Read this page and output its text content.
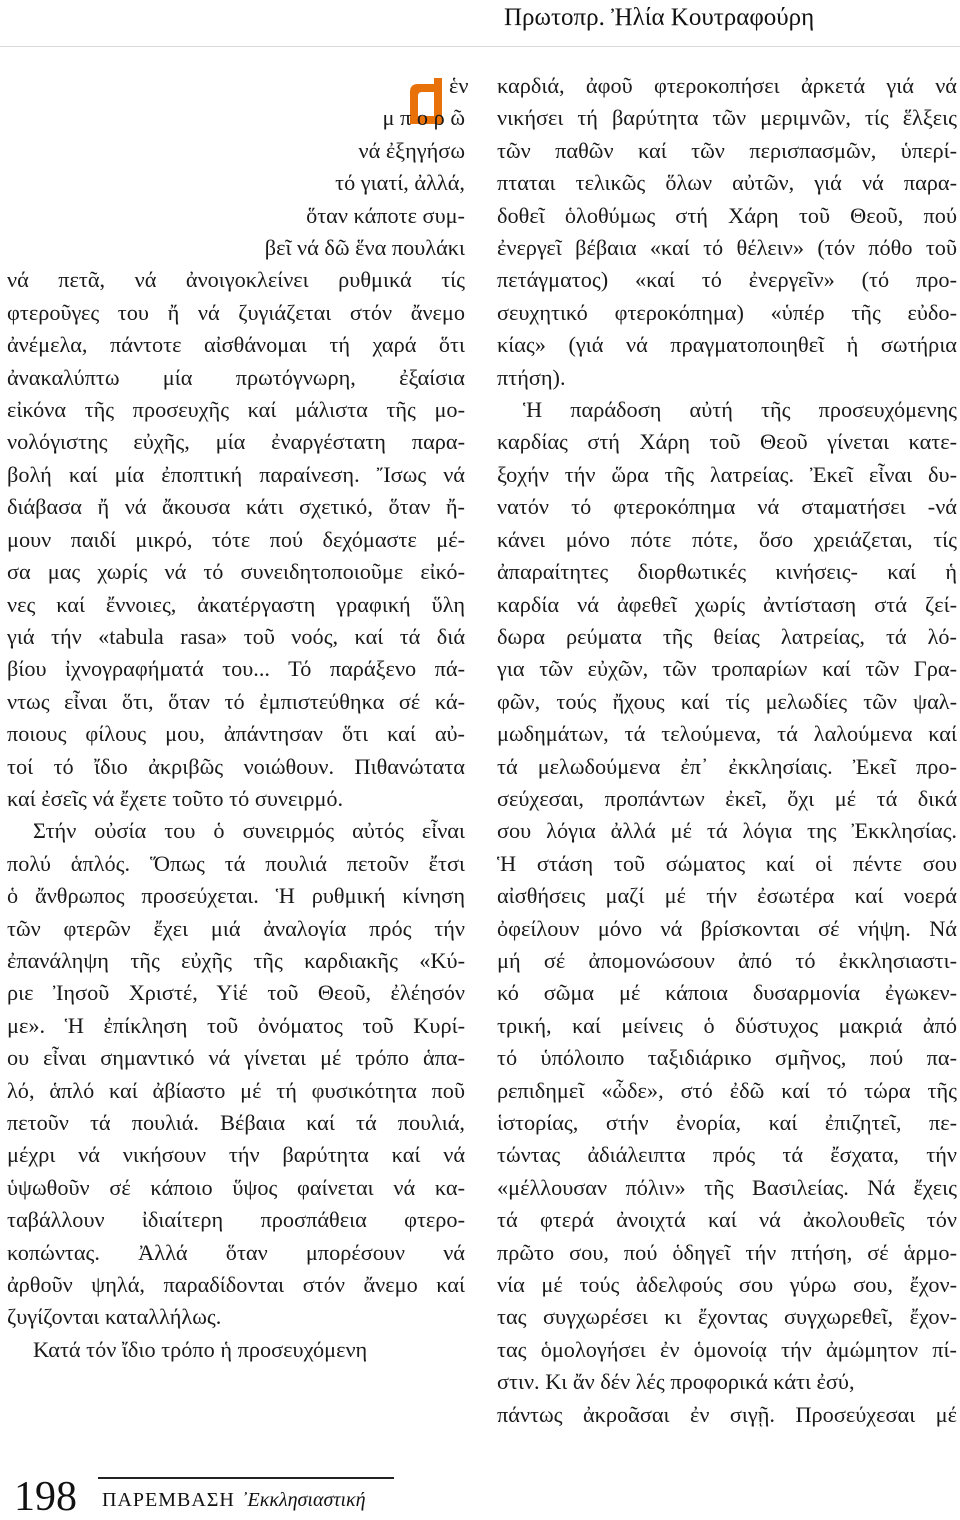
Πρωτοπρ. Ἠλία Κουτραφούρη
ἑν
μ π ο ρ ῶ
νά ἐξηγήσω
τό γιατί, ἀλλά,
ὅταν κάποτε συμ-
βεῖ νά δῶ ἕνα πουλάκι
νά πετᾶ, νά ἀνοιγοκλείνει ρυθμικά τίς
φτεροῦγες του ἤ νά ζυγιάζεται στόν ἄνεμο
ἀνέμελα, πάντοτε αἰσθάνομαι τή χαρά ὅτι
ἀνακαλύπτω μία πρωτόγνωρη, ἐξαίσια
εἰκόνα τῆς προσευχῆς καί μάλιστα τῆς μο-
νολόγιστης εὐχῆς, μία ἐναργέστατη παρα-
βολή καί μία ἐποπτική παραίνεση. Ἴσως νά
διάβασα ἤ νά ἄκουσα κάτι σχετικό, ὅταν ἤ-
μουν παιδί μικρό, τότε πού δεχόμαστε μέ-
σα μας χωρίς νά τό συνειδητοποιοῦμε εἰκό-
νες καί ἔννοιες, ἀκατέργαστη γραφική ὕλη
γιά τήν «tabula rasa» τοῦ νοός, καί τά διά
βίου ἰχνογραφήματά του... Τό παράξενο πά-
ντως εἶναι ὅτι, ὅταν τό ἐμπιστεύθηκα σέ κά-
ποιους φίλους μου, ἀπάντησαν ὅτι καί αὐ-
τοί τό ἴδιο ἀκριβῶς νοιώθουν. Πιθανώτατα
καί ἐσεῖς νά ἔχετε τοῦτο τό συνειρμό.
Στήν οὐσία του ὁ συνειρμός αὐτός εἶναι
πολύ ἁπλός. Ὅπως τά πουλιά πετοῦν ἔτσι
ὁ ἄνθρωπος προσεύχεται. Ἡ ρυθμική κίνηση
τῶν φτερῶν ἔχει μιά ἀναλογία πρός τήν
ἐπανάληψη τῆς εὐχῆς τῆς καρδιακῆς «Κύ-
ριε Ἰησοῦ Χριστέ, Υἱέ τοῦ Θεοῦ, ἐλέησόν
με». Ἡ ἐπίκληση τοῦ ὀνόματος τοῦ Κυρί-
ου εἶναι σημαντικό νά γίνεται μέ τρόπο ἁπα-
λό, ἁπλό καί ἀβίαστο μέ τή φυσικότητα ποῦ
πετοῦν τά πουλιά. Βέβαια καί τά πουλιά,
μέχρι νά νικήσουν τήν βαρύτητα καί νά
ὑψωθοῦν σέ κάποιο ὕψος φαίνεται νά κα-
ταβάλλουν ἰδιαίτερη προσπάθεια φτερο-
κοπώντας. Ἀλλά ὅταν μπορέσουν νά
ἀρθοῦν ψηλά, παραδίδονται στόν ἄνεμο καί
ζυγίζονται καταλλήλως.
Κατά τόν ἴδιο τρόπο ἡ προσευχόμενη
καρδιά, ἀφοῦ φτεροκοπήσει ἀρκετά γιά νά
νικήσει τή βαρύτητα τῶν μεριμνῶν, τίς ἕλξεις
τῶν παθῶν καί τῶν περισπασμῶν, ὑπερί-
πταται τελικῶς ὅλων αὐτῶν, γιά νά παρα-
δοθεῖ ὁλοθύμως στή Χάρη τοῦ Θεοῦ, πού
ἐνεργεῖ βέβαια «καί τό θέλειν» (τόν πόθο τοῦ
πετάγματος) «καί τό ἐνεργεῖν» (τό προ-
σευχητικό φτεροκόπημα) «ὑπέρ τῆς εὐδο-
κίας» (γιά νά πραγματοποιηθεῖ ἡ σωτήρια
πτήση).
Ἡ παράδοση αὐτή τῆς προσευχόμενης
καρδίας στή Χάρη τοῦ Θεοῦ γίνεται κατε-
ξοχήν τήν ὥρα τῆς λατρείας. Ἐκεῖ εἶναι δυ-
νατόν τό φτεροκόπημα νά σταματήσει -νά
κάνει μόνο πότε πότε, ὅσο χρειάζεται, τίς
ἀπαραίτητες διορθωτικές κινήσεις- καί ἡ
καρδία νά ἀφεθεῖ χωρίς ἀντίσταση στά ζεί-
δωρα ρεύματα τῆς θείας λατρείας, τά λό-
για τῶν εὐχῶν, τῶν τροπαρίων καί τῶν Γρα-
φῶν, τούς ἤχους καί τίς μελωδίες τῶν ψαλ-
μωδημάτων, τά τελούμενα, τά λαλούμενα καί
τά μελωδούμενα ἐπ᾽ ἐκκλησίαις. Ἐκεῖ προ-
σεύχεσαι, προπάντων ἐκεῖ, ὄχι μέ τά δικά
σου λόγια ἀλλά μέ τά λόγια της Ἐκκλησίας.
Ἡ στάση τοῦ σώματος καί οἱ πέντε σου
αἰσθήσεις μαζί μέ τήν ἐσωτέρα καί νοερά
ὀφείλουν μόνο νά βρίσκονται σέ νήψη. Νά
μή σέ ἀπομονώσουν ἀπό τό ἐκκλησιαστι-
κό σῶμα μέ κάποια δυσαρμονία ἐγωκεν-
τρική, καί μείνεις ὁ δύστυχος μακριά ἀπό
τό ὑπόλοιπο ταξιδιάρικο σμῆνος, πού πα-
ρεπιδημεῖ «ὧδε», στό ἐδῶ καί τό τώρα τῆς
ἱστορίας, στήν ἐνορία, καί ἐπιζητεῖ, πε-
τώντας ἀδιάλειπτα πρός τά ἔσχατα, τήν
«μέλλουσαν πόλιν» τῆς Βασιλείας. Νά ἔχεις
τά φτερά ἀνοιχτά καί νά ἀκολουθεῖς τόν
πρῶτο σου, πού ὁδηγεῖ τήν πτήση, σέ ἁρμο-
νία μέ τούς ἀδελφούς σου γύρω σου, ἔχον-
τας συγχωρέσει κι ἔχοντας συγχωρεθεῖ, ἔχον-
τας ὁμολογήσει ἐν ὁμονοίᾳ τήν ἀμώμητον πί-
στιν. Κι ἄν δέν λές προφορικά κάτι ἐσύ,
πάντως ἀκροᾶσαι ἐν σιγῇ. Προσεύχεσαι μέ
198 ΠΑΡΕΜΒΑΣΗ ᾽Εκκλησιαστική
